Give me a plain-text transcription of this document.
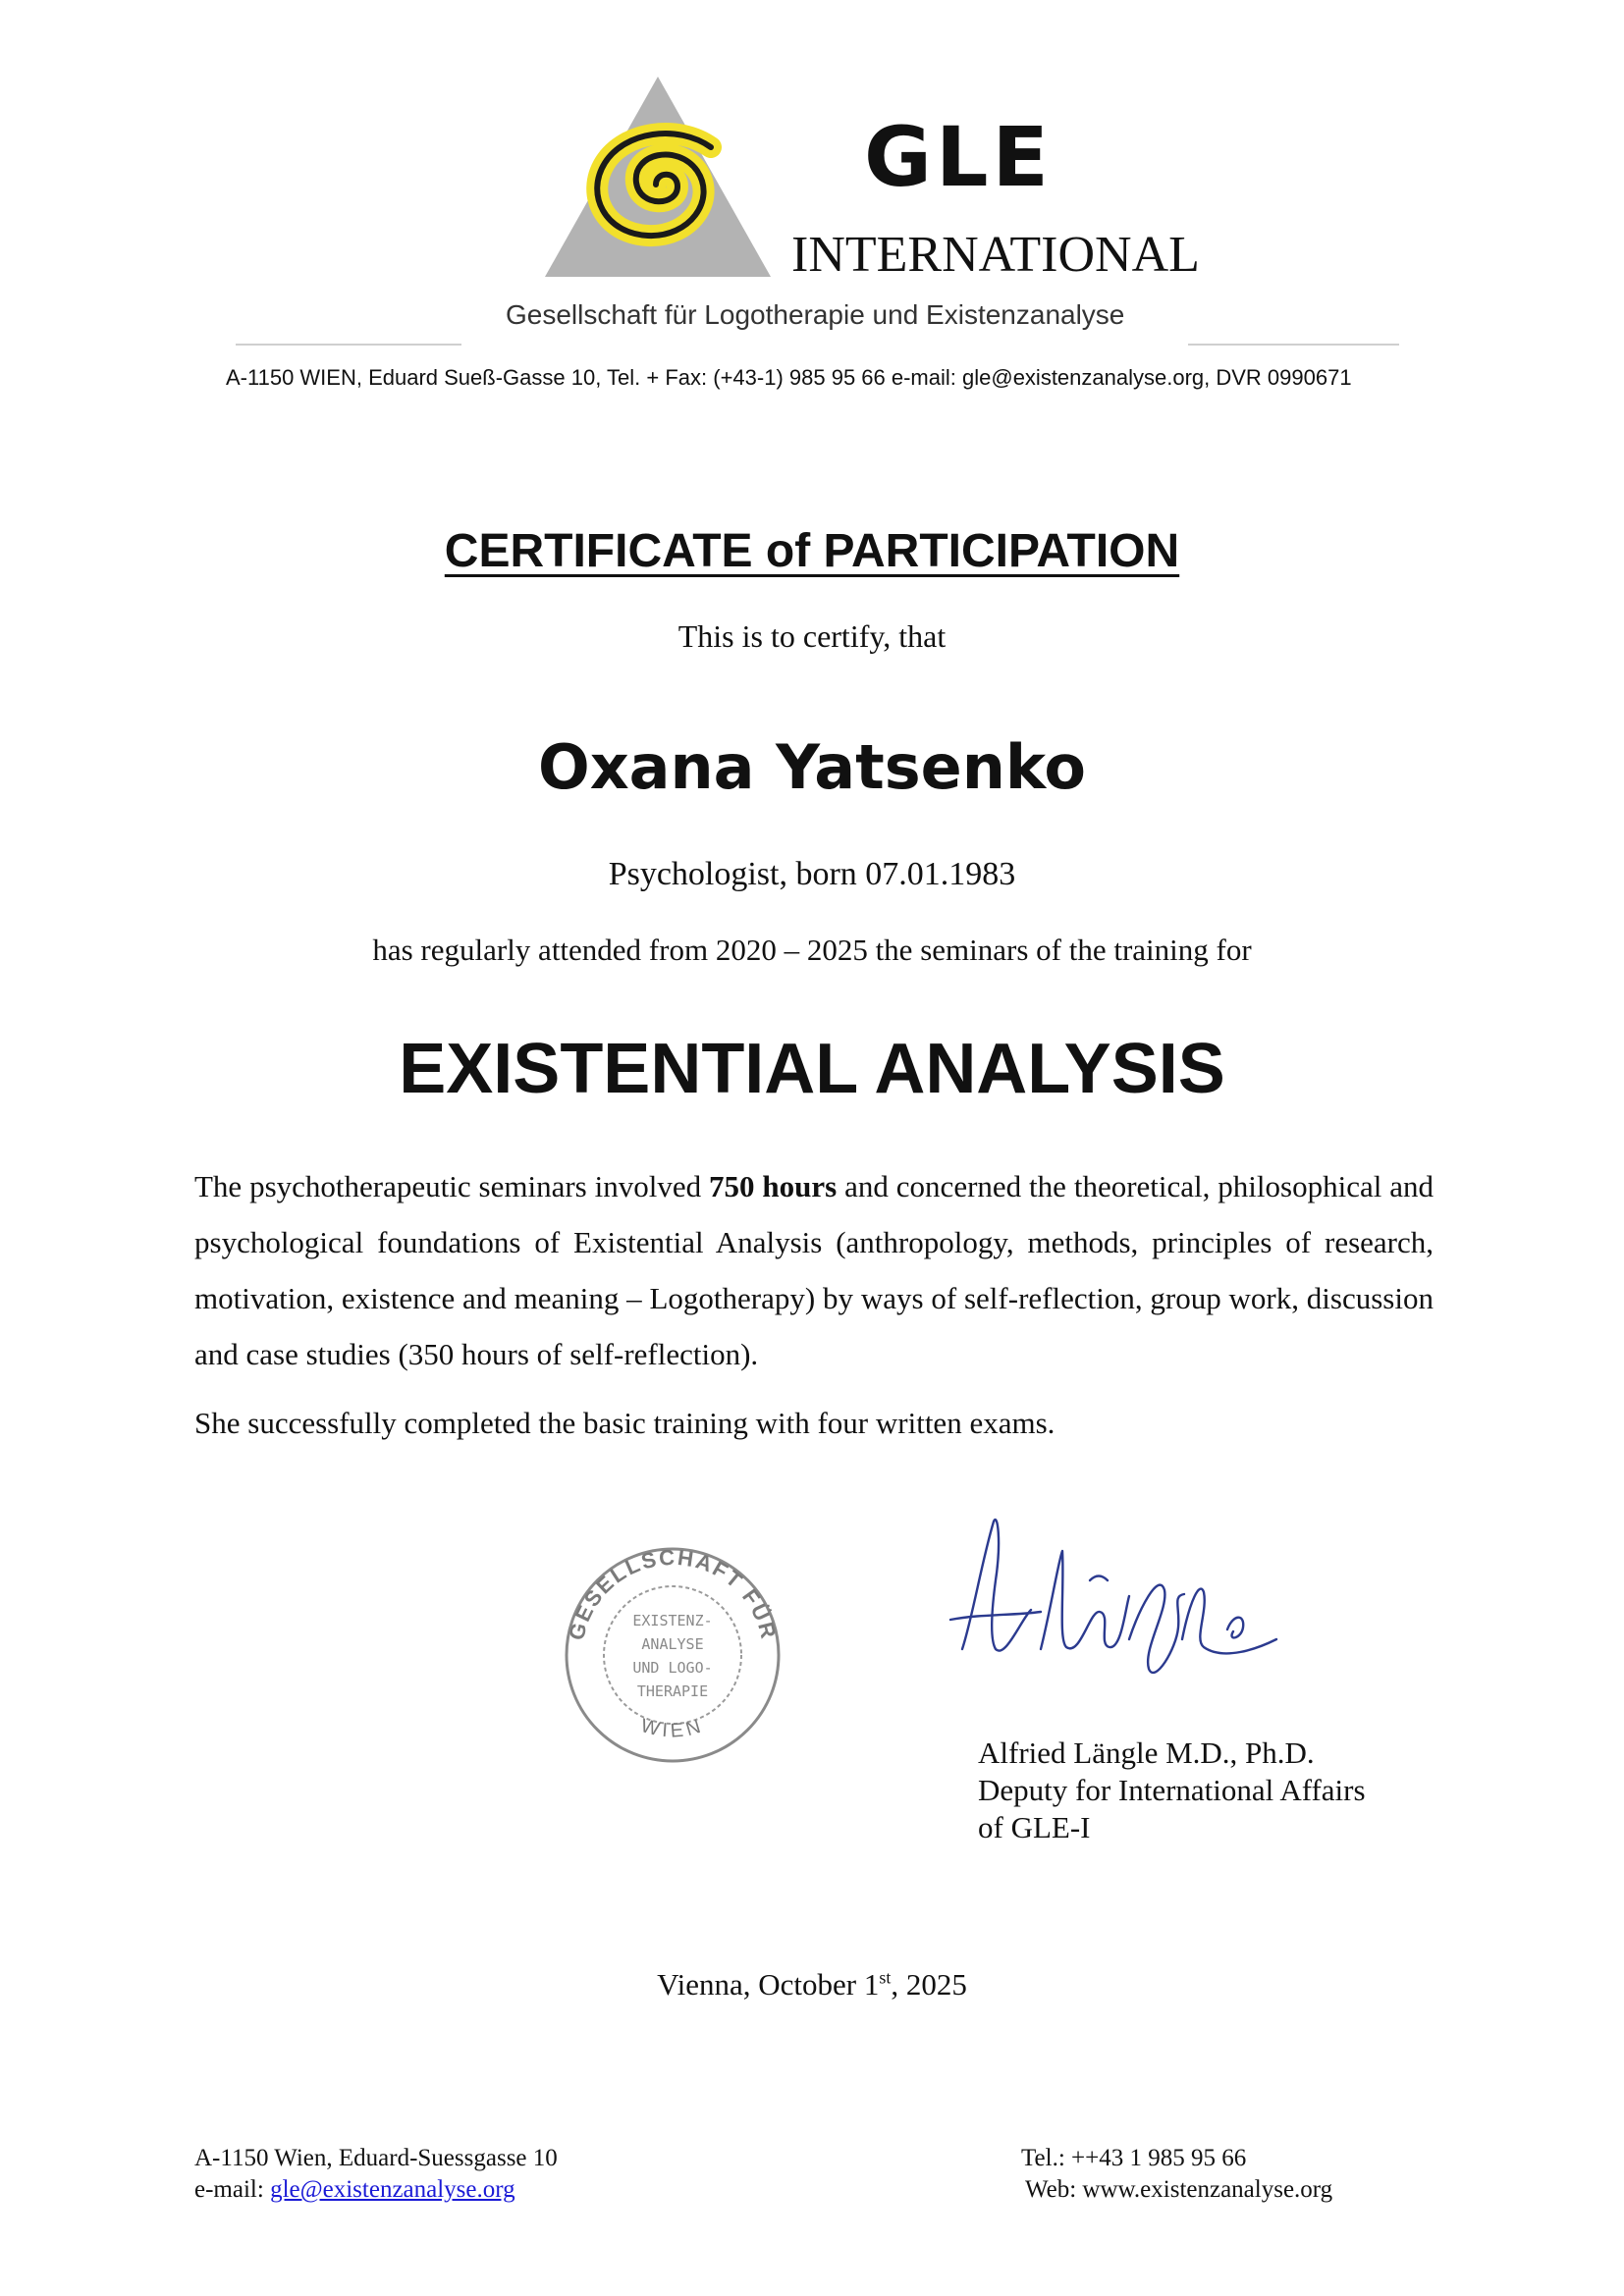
GLE
INTERNATIONAL
Gesellschaft für Logotherapie und Existenzanalyse
A-1150 WIEN, Eduard Sueß-Gasse 10, Tel. + Fax: (+43-1) 985 95 66 e-mail: gle@existenzanalyse.org, DVR 0990671
CERTIFICATE of PARTICIPATION
This is to certify, that
Oxana Yatsenko
Psychologist, born 07.01.1983
has regularly attended from 2020 – 2025 the seminars of the training for
EXISTENTIAL ANALYSIS
The psychotherapeutic seminars involved 750 hours and concerned the theoretical, philosophical and psychological foundations of Existential Analysis (anthropology, methods, principles of research, motivation, existence and meaning – Logotherapy) by ways of self-reflection, group work, discussion and case studies (350 hours of self-reflection).
She successfully completed the basic training with four written exams.
GESELLSCHAFT FÜR
WIEN
EXISTENZ-
ANALYSE
UND LOGO-
THERAPIE
Alfried Längle M.D., Ph.D.
Deputy for International Affairs
of GLE-I
Vienna, October 1st, 2025
A-1150 Wien, Eduard-Suessgasse 10
e-mail: gle@existenzanalyse.org
Tel.: ++43 1 985 95 66
Web: www.existenzanalyse.org
